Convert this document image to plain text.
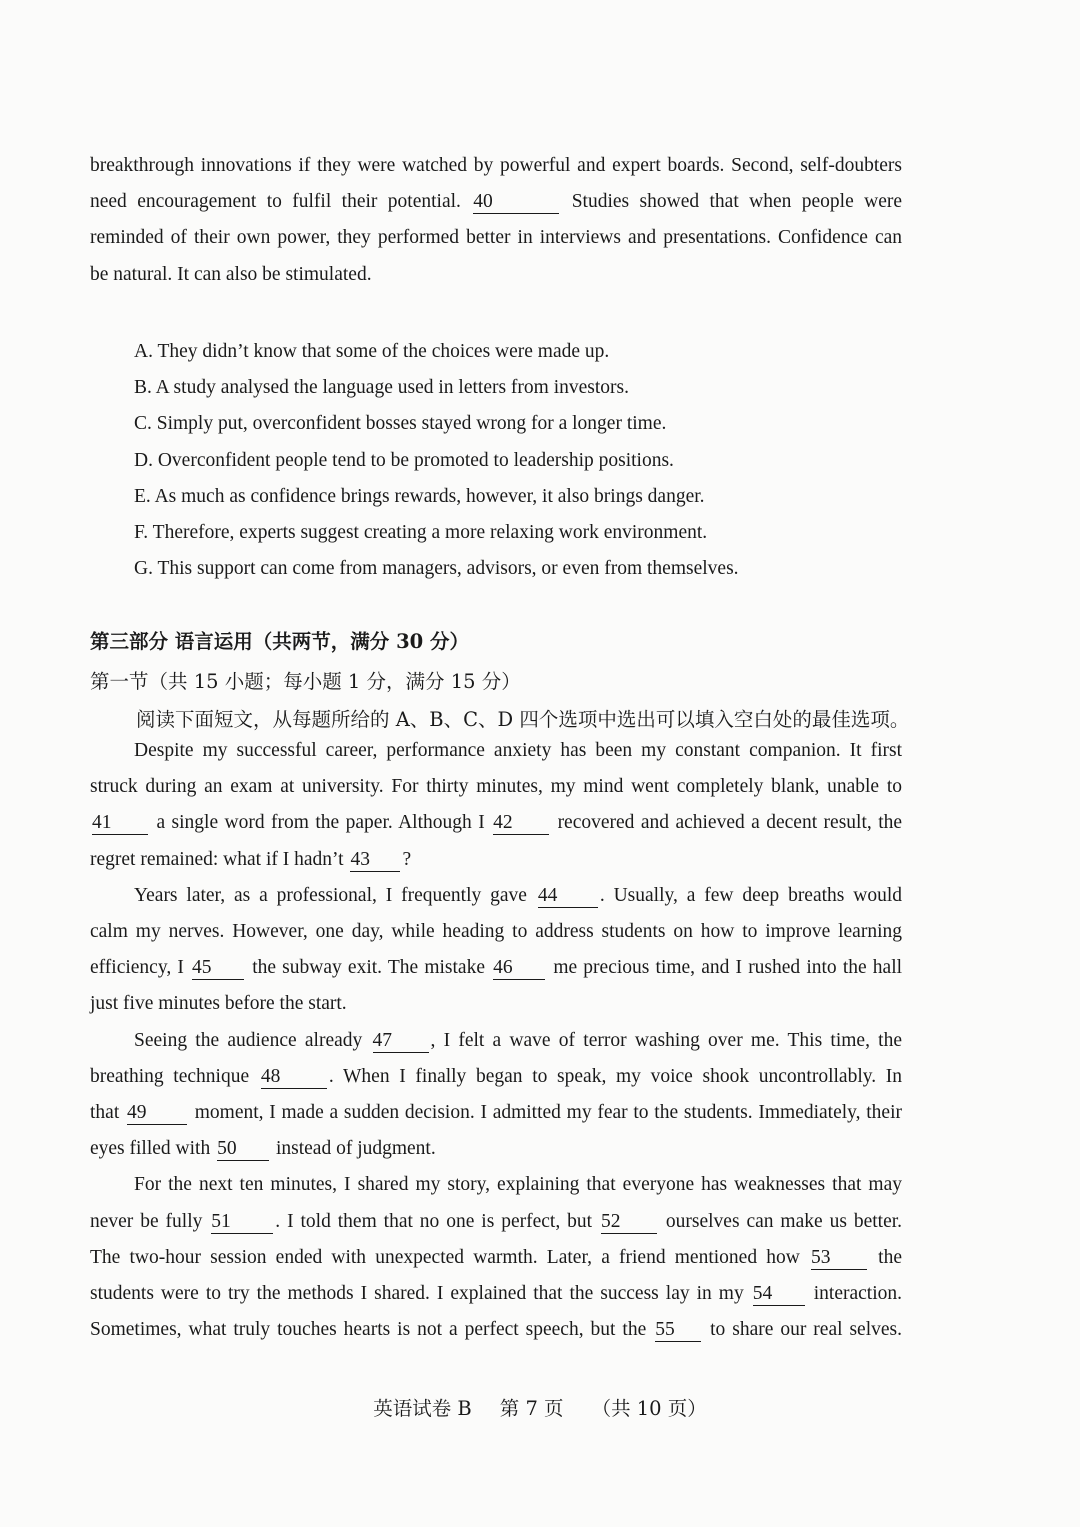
breakthrough innovations if they were watched by powerful and expert boards. Second, self-doubters
need encouragement to fulfil their potential. 40	Studies showed that when people were
reminded of their own power, they performed better in interviews and presentations. Confidence can
be natural. It can also be stimulated.
A. They didn’t know that some of the choices were made up.
B. A study analysed the language used in letters from investors.
C. Simply put, overconfident bosses stayed wrong for a longer time.
D. Overconfident people tend to be promoted to leadership positions.
E. As much as confidence brings rewards, however, it also brings danger.
F. Therefore, experts suggest creating a more relaxing work environment.
G. This support can come from managers, advisors, or even from themselves.
第三部分 语言运用（共两节，满分 30 分）
第一节（共 15 小题；每小题 1 分，满分 15 分）
阅读下面短文，从每题所给的 A、B、C、D 四个选项中选出可以填入空白处的最佳选项。
Despite my successful career, performance anxiety has been my constant companion. It first
struck during an exam at university. For thirty minutes, my mind went completely blank, unable to
41 a single word from the paper. Although I 42 recovered and achieved a decent result, the
regret remained: what if I hadn’t 43 ?
Years later, as a professional, I frequently gave 44 . Usually, a few deep breaths would
calm my nerves. However, one day, while heading to address students on how to improve learning
efficiency, I 45 the subway exit. The mistake 46 me precious time, and I rushed into the hall
just five minutes before the start.
Seeing the audience already 47 , I felt a wave of terror washing over me. This time, the
breathing technique 48 . When I finally began to speak, my voice shook uncontrollably. In
that 49 moment, I made a sudden decision. I admitted my fear to the students. Immediately, their
eyes filled with 50 instead of judgment.
For the next ten minutes, I shared my story, explaining that everyone has weaknesses that may
never be fully 51 . I told them that no one is perfect, but 52 ourselves can make us better.
The two-hour session ended with unexpected warmth. Later, a friend mentioned how 53 the
students were to try the methods I shared. I explained that the success lay in my 54 interaction.
Sometimes, what truly touches hearts is not a perfect speech, but the 55 to share our real selves.
英语试卷 B 第 7 页 （共 10 页）
